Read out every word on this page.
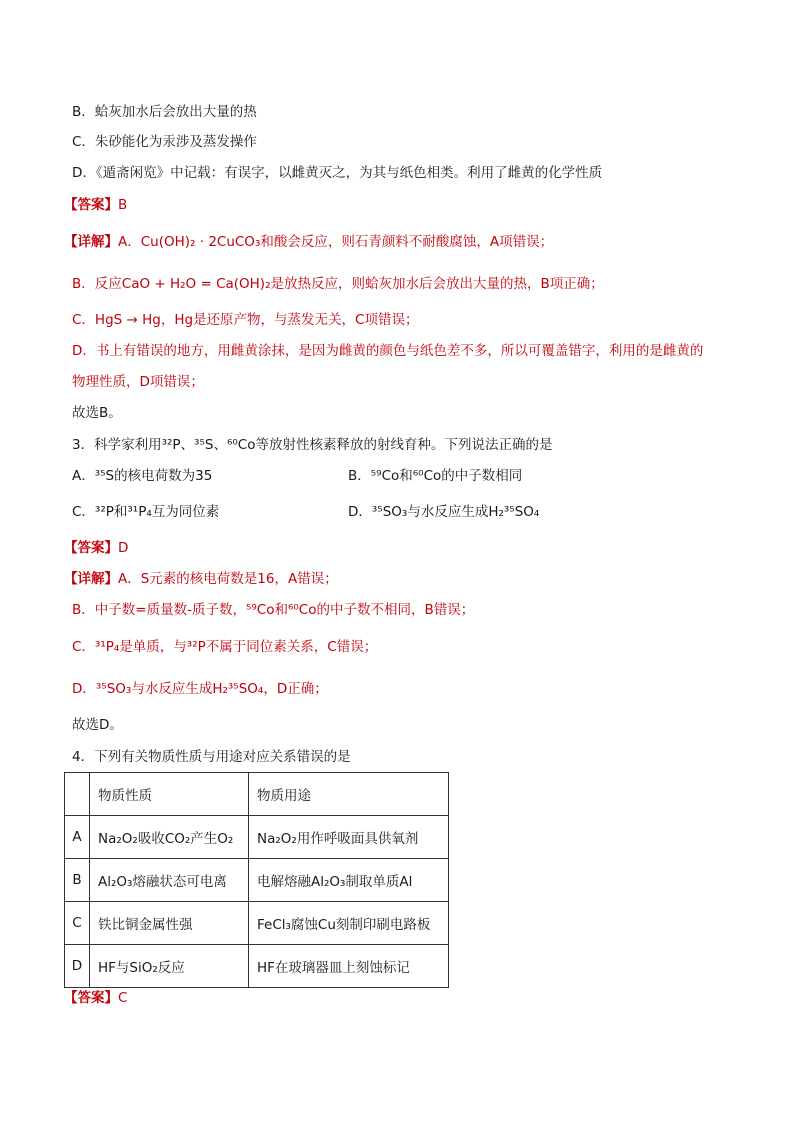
B．蛤灰加水后会放出大量的热
C．朱砂能化为汞涉及蒸发操作
D．《遁斋闲览》中记载：有误字，以雌黄灭之，为其与纸色相类。利用了雌黄的化学性质
【答案】B
【详解】A．Cu(OH)₂ · 2CuCO₃和酸会反应，则石青颜料不耐酸腐蚀，A项错误；
B．反应CaO + H₂O = Ca(OH)₂是放热反应，则蛤灰加水后会放出大量的热，B项正确；
C．HgS → Hg，Hg是还原产物，与蒸发无关，C项错误；
D．书上有错误的地方，用雌黄涂抹，是因为雌黄的颜色与纸色差不多，所以可覆盖错字，利用的是雌黄的
物理性质，D项错误；
故选B。
3．科学家利用³²P、³⁵S、⁶⁰Co等放射性核素释放的射线育种。下列说法正确的是
A．³⁵S的核电荷数为35	B．⁵⁹Co和⁶⁰Co的中子数相同
C．³²P和³¹P₄互为同位素	D．³⁵SO₃与水反应生成H₂³⁵SO₄
【答案】D
【详解】A．S元素的核电荷数是16，A错误；
B．中子数=质量数-质子数，⁵⁹Co和⁶⁰Co的中子数不相同，B错误；
C．³¹P₄是单质，与³²P不属于同位素关系，C错误；
D．³⁵SO₃与水反应生成H₂³⁵SO₄，D正确；
故选D。
4．下列有关物质性质与用途对应关系错误的是
	物质性质	物质用途
A	Na₂O₂吸收CO₂产生O₂	Na₂O₂用作呼吸面具供氧剂
B	Al₂O₃熔融状态可电离	电解熔融Al₂O₃制取单质Al
C	铁比铜金属性强	FeCl₃腐蚀Cu刻制印刷电路板
D	HF与SiO₂反应	HF在玻璃器皿上刻蚀标记
【答案】C
